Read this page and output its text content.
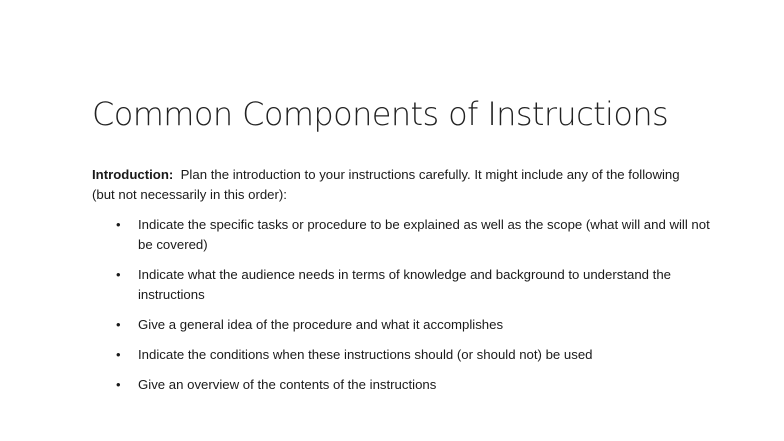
Common Components of Instructions

Introduction: Plan the introduction to your instructions carefully. It might include any of the following (but not necessarily in this order):

• Indicate the specific tasks or procedure to be explained as well as the scope (what will and will not be covered)
• Indicate what the audience needs in terms of knowledge and background to understand the instructions
• Give a general idea of the procedure and what it accomplishes
• Indicate the conditions when these instructions should (or should not) be used
• Give an overview of the contents of the instructions
